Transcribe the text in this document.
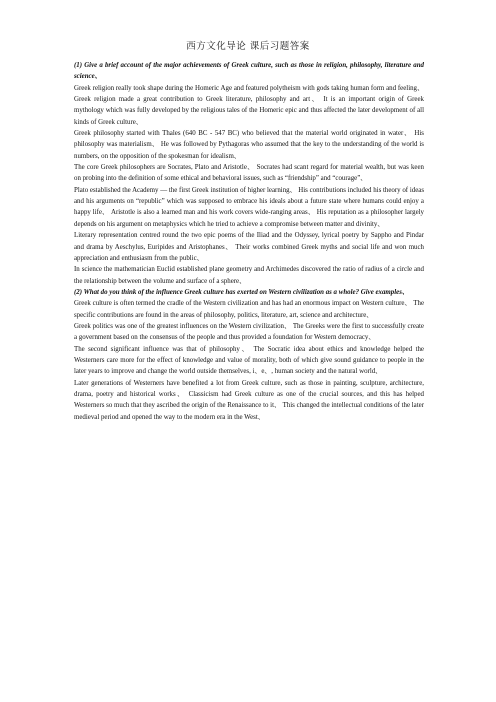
西方文化导论 课后习题答案

(1) Give a brief account of the major achievements of Greek culture, such as those in religion, philosophy, literature and science、

Greek religion really took shape during the Homeric Age and featured polytheism with gods taking human form and feeling、 Greek religion made a great contribution to Greek literature, philosophy and art、 It is an important origin of Greek mythology which was fully developed by the religious tales of the Homeric epic and thus affected the later development of all kinds of Greek culture、

Greek philosophy started with Thales (640 BC - 547 BC) who believed that the material world originated in water、 His philosophy was materialism、 He was followed by Pythagoras who assumed that the key to the understanding of the world is numbers, on the opposition of the spokesman for idealism、

The core Greek philosophers are Socrates, Plato and Aristotle、 Socrates had scant regard for material wealth, but was keen on probing into the definition of some ethical and behavioral issues, such as “friendship” and “courage”、

Plato established the Academy — the first Greek institution of higher learning、 His contributions included his theory of ideas and his arguments on “republic” which was supposed to embrace his ideals about a future state where humans could enjoy a happy life、 Aristotle is also a learned man and his work covers wide-ranging areas、 His reputation as a philosopher largely depends on his argument on metaphysics which he tried to achieve a compromise between matter and divinity、

Literary representation centred round the two epic poems of the Iliad and the Odyssey, lyrical poetry by Sappho and Pindar and drama by Aeschylus, Euripides and Aristophanes、 Their works combined Greek myths and social life and won much appreciation and enthusiasm from the public、

In science the mathematician Euclid established plane geometry and Archimedes discovered the ratio of radius of a circle and the relationship between the volume and surface of a sphere、

(2) What do you think of the influence Greek culture has exerted on Western civilization as a whole? Give examples、

Greek culture is often termed the cradle of the Western civilization and has had an enormous impact on Western culture、 The specific contributions are found in the areas of philosophy, politics, literature, art, science and architecture、

Greek politics was one of the greatest influences on the Western civilization、 The Greeks were the first to successfully create a government based on the consensus of the people and thus provided a foundation for Western democracy、

The second significant influence was that of philosophy、 The Socratic idea about ethics and knowledge helped the Westerners care more for the effect of knowledge and value of morality, both of which give sound guidance to people in the later years to improve and change the world outside themselves, i、e、, human society and the natural world、

Later generations of Westerners have benefited a lot from Greek culture, such as those in painting, sculpture, architecture, drama, poetry and historical works、 Classicism had Greek culture as one of the crucial sources, and this has helped Westerners so much that they ascribed the origin of the Renaissance to it、 This changed the intellectual conditions of the later medieval period and opened the way to the modern era in the West、
